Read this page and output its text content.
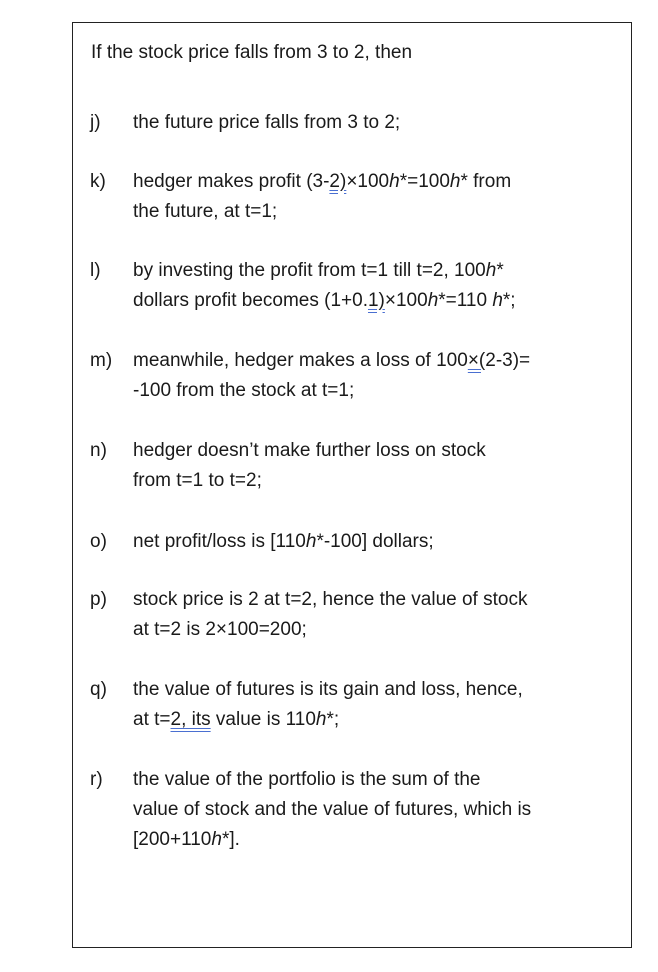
If the stock price falls from 3 to 2, then
j) the future price falls from 3 to 2;
k) hedger makes profit (3-2)×100h*=100h* from
the future, at t=1;
l) by investing the profit from t=1 till t=2, 100h*
dollars profit becomes (1+0.1)×100h*=110 h*;
m) meanwhile, hedger makes a loss of 100×(2-3)=
-100 from the stock at t=1;
n) hedger doesn’t make further loss on stock
from t=1 to t=2;
o) net profit/loss is [110h*-100] dollars;
p) stock price is 2 at t=2, hence the value of stock
at t=2 is 2×100=200;
q) the value of futures is its gain and loss, hence,
at t=2, its value is 110h*;
r) the value of the portfolio is the sum of the
value of stock and the value of futures, which is
[200+110h*].
